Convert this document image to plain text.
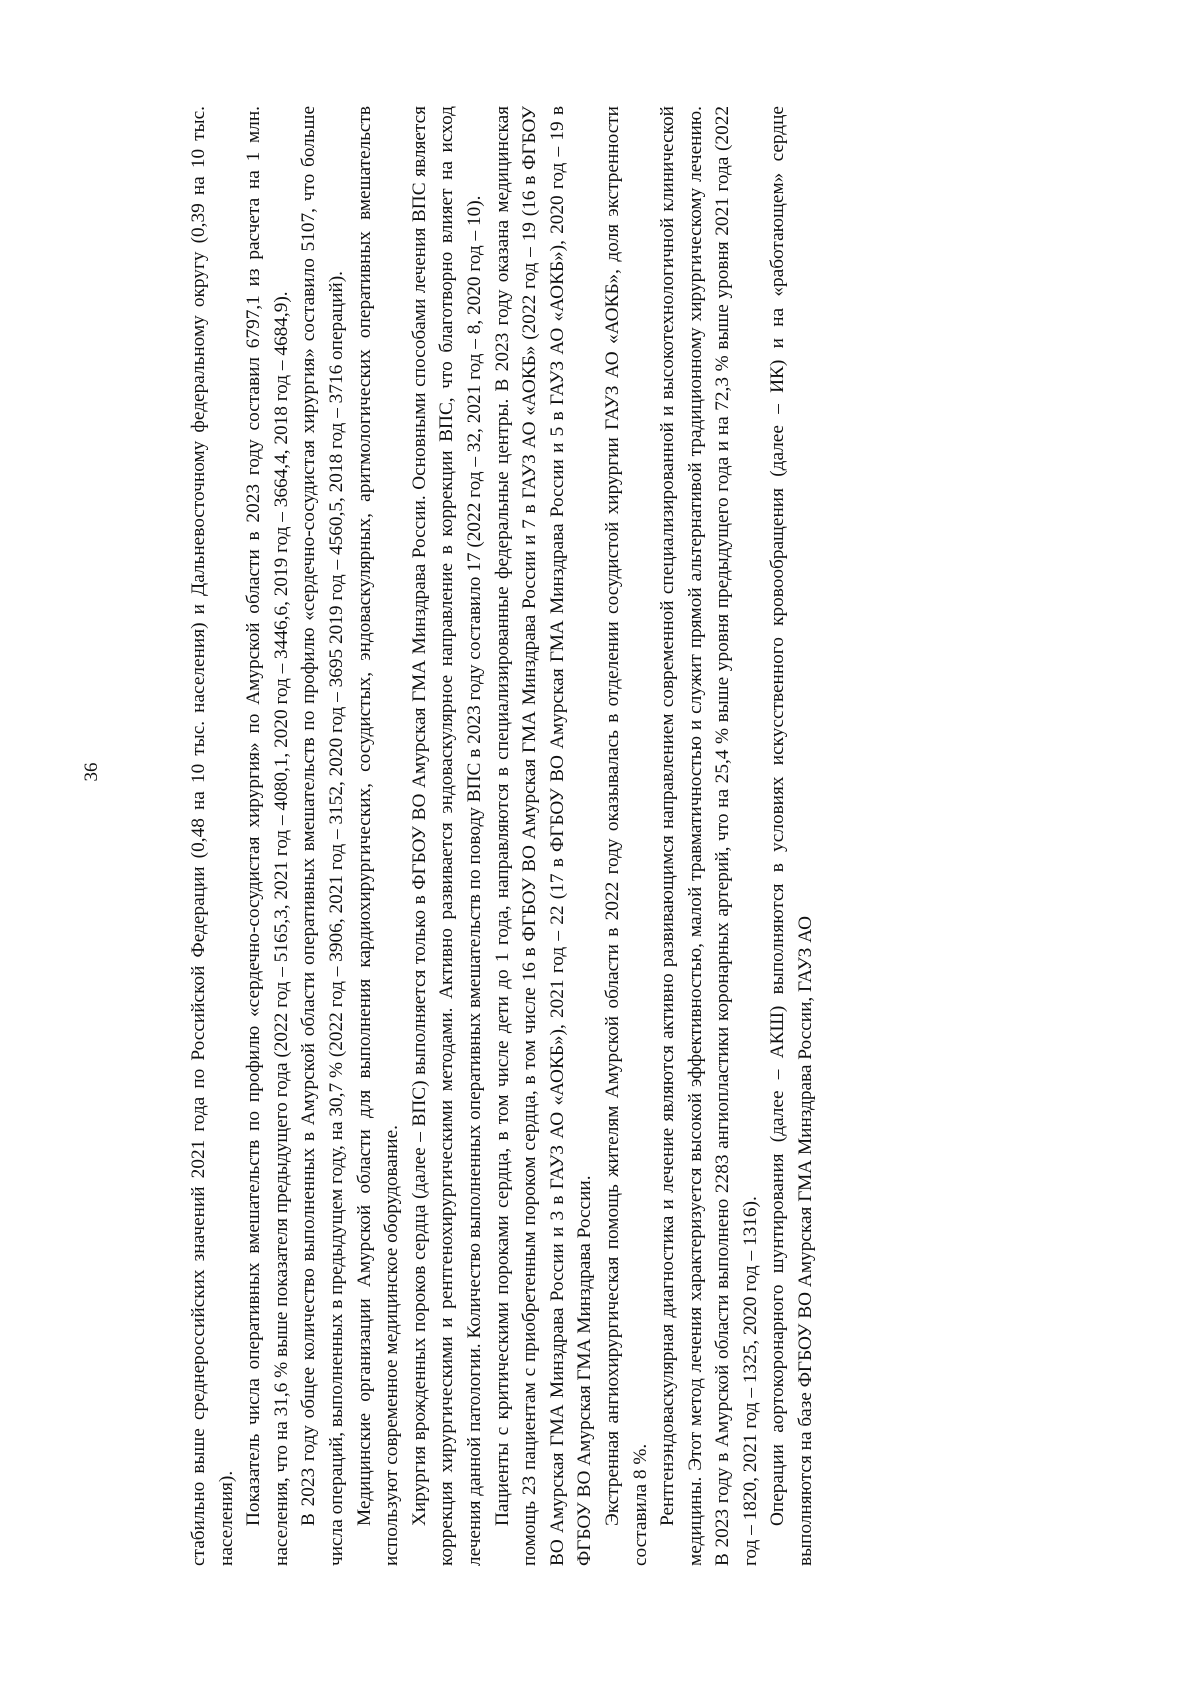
36	стабильно выше среднероссийских значений 2021 года по Российской Федерации (0,48 на 10 тыс. населения) и Дальневосточному федеральному округу (0,39 на 10 тыс. населения). Показатель числа оперативных вмешательств по профилю «сердечно-сосудистая хирургия» по Амурской области в 2023 году составил 6797,1 из расчета на 1 млн. населения, что на 31,6 % выше показателя предыдущего года (2022 год – 5165,3, 2021 год – 4080,1, 2020 год – 3446,6, 2019 год – 3664,4, 2018 год – 4684,9). В 2023 году общее количество выполненных в Амурской области оперативных вмешательств по профилю «сердечно-сосудистая хирургия» составило 5107, что больше числа операций, выполненных в предыдущем году, на 30,7 % (2022 год – 3906, 2021 год – 3152, 2020 год – 3695 2019 год – 4560,5, 2018 год – 3716 операций). Медицинские организации Амурской области для выполнения кардиохирургических, сосудистых, эндоваскулярных, аритмологических оперативных вмешательств используют современное медицинское оборудование. Хирургия врожденных пороков сердца (далее – ВПС) выполняется только в ФГБОУ ВО Амурская ГМА Минздрава России. Основными способами лечения ВПС является коррекция хирургическими и рентгенохирургическими методами. Активно развивается эндоваскулярное направление в коррекции ВПС, что благотворно влияет на исход лечения данной патологии. Количество выполненных оперативных вмешательств по поводу ВПС в 2023 году составило 17 (2022 год – 32, 2021 год – 8, 2020 год – 10). Пациенты с критическими пороками сердца, в том числе дети до 1 года, направляются в специализированные федеральные центры. В 2023 году оказана медицинская помощь 23 пациентам с приобретенным пороком сердца, в том числе 16 в ФГБОУ ВО Амурская ГМА Минздрава России и 7 в ГАУЗ АО «АОКБ» (2022 год – 19 (16 в ФГБОУ ВО Амурская ГМА Минздрава России и 3 в ГАУЗ АО «АОКБ»), 2021 год – 22 (17 в ФГБОУ ВО Амурская ГМА Минздрава России и 5 в ГАУЗ АО «АОКБ»), 2020 год – 19 в ФГБОУ ВО Амурская ГМА Минздрава России. Экстренная ангиохирургическая помощь жителям Амурской области в 2022 году оказывалась в отделении сосудистой хирургии ГАУЗ АО «АОКБ», доля экстренности составила 8 %. Рентгенэндоваскулярная диагностика и лечение являются активно развивающимся направлением современной специализированной и высокотехнологичной клинической медицины. Этот метод лечения характеризуется высокой эффективностью, малой травматичностью и служит прямой альтернативой традиционному хирургическому лечению. В 2023 году в Амурской области выполнено 2283 ангиопластики коронарных артерий, что на 25,4 % выше уровня предыдущего года и на 72,3 % выше уровня 2021 года (2022 год – 1820, 2021 год – 1325, 2020 год – 1316). Операции аортокоронарного шунтирования (далее – АКШ) выполняются в условиях искусственного кровообращения (далее – ИК) и на «работающем» сердце выполняются на базе ФГБОУ ВО Амурская ГМА Минздрава России, ГАУЗ АО
